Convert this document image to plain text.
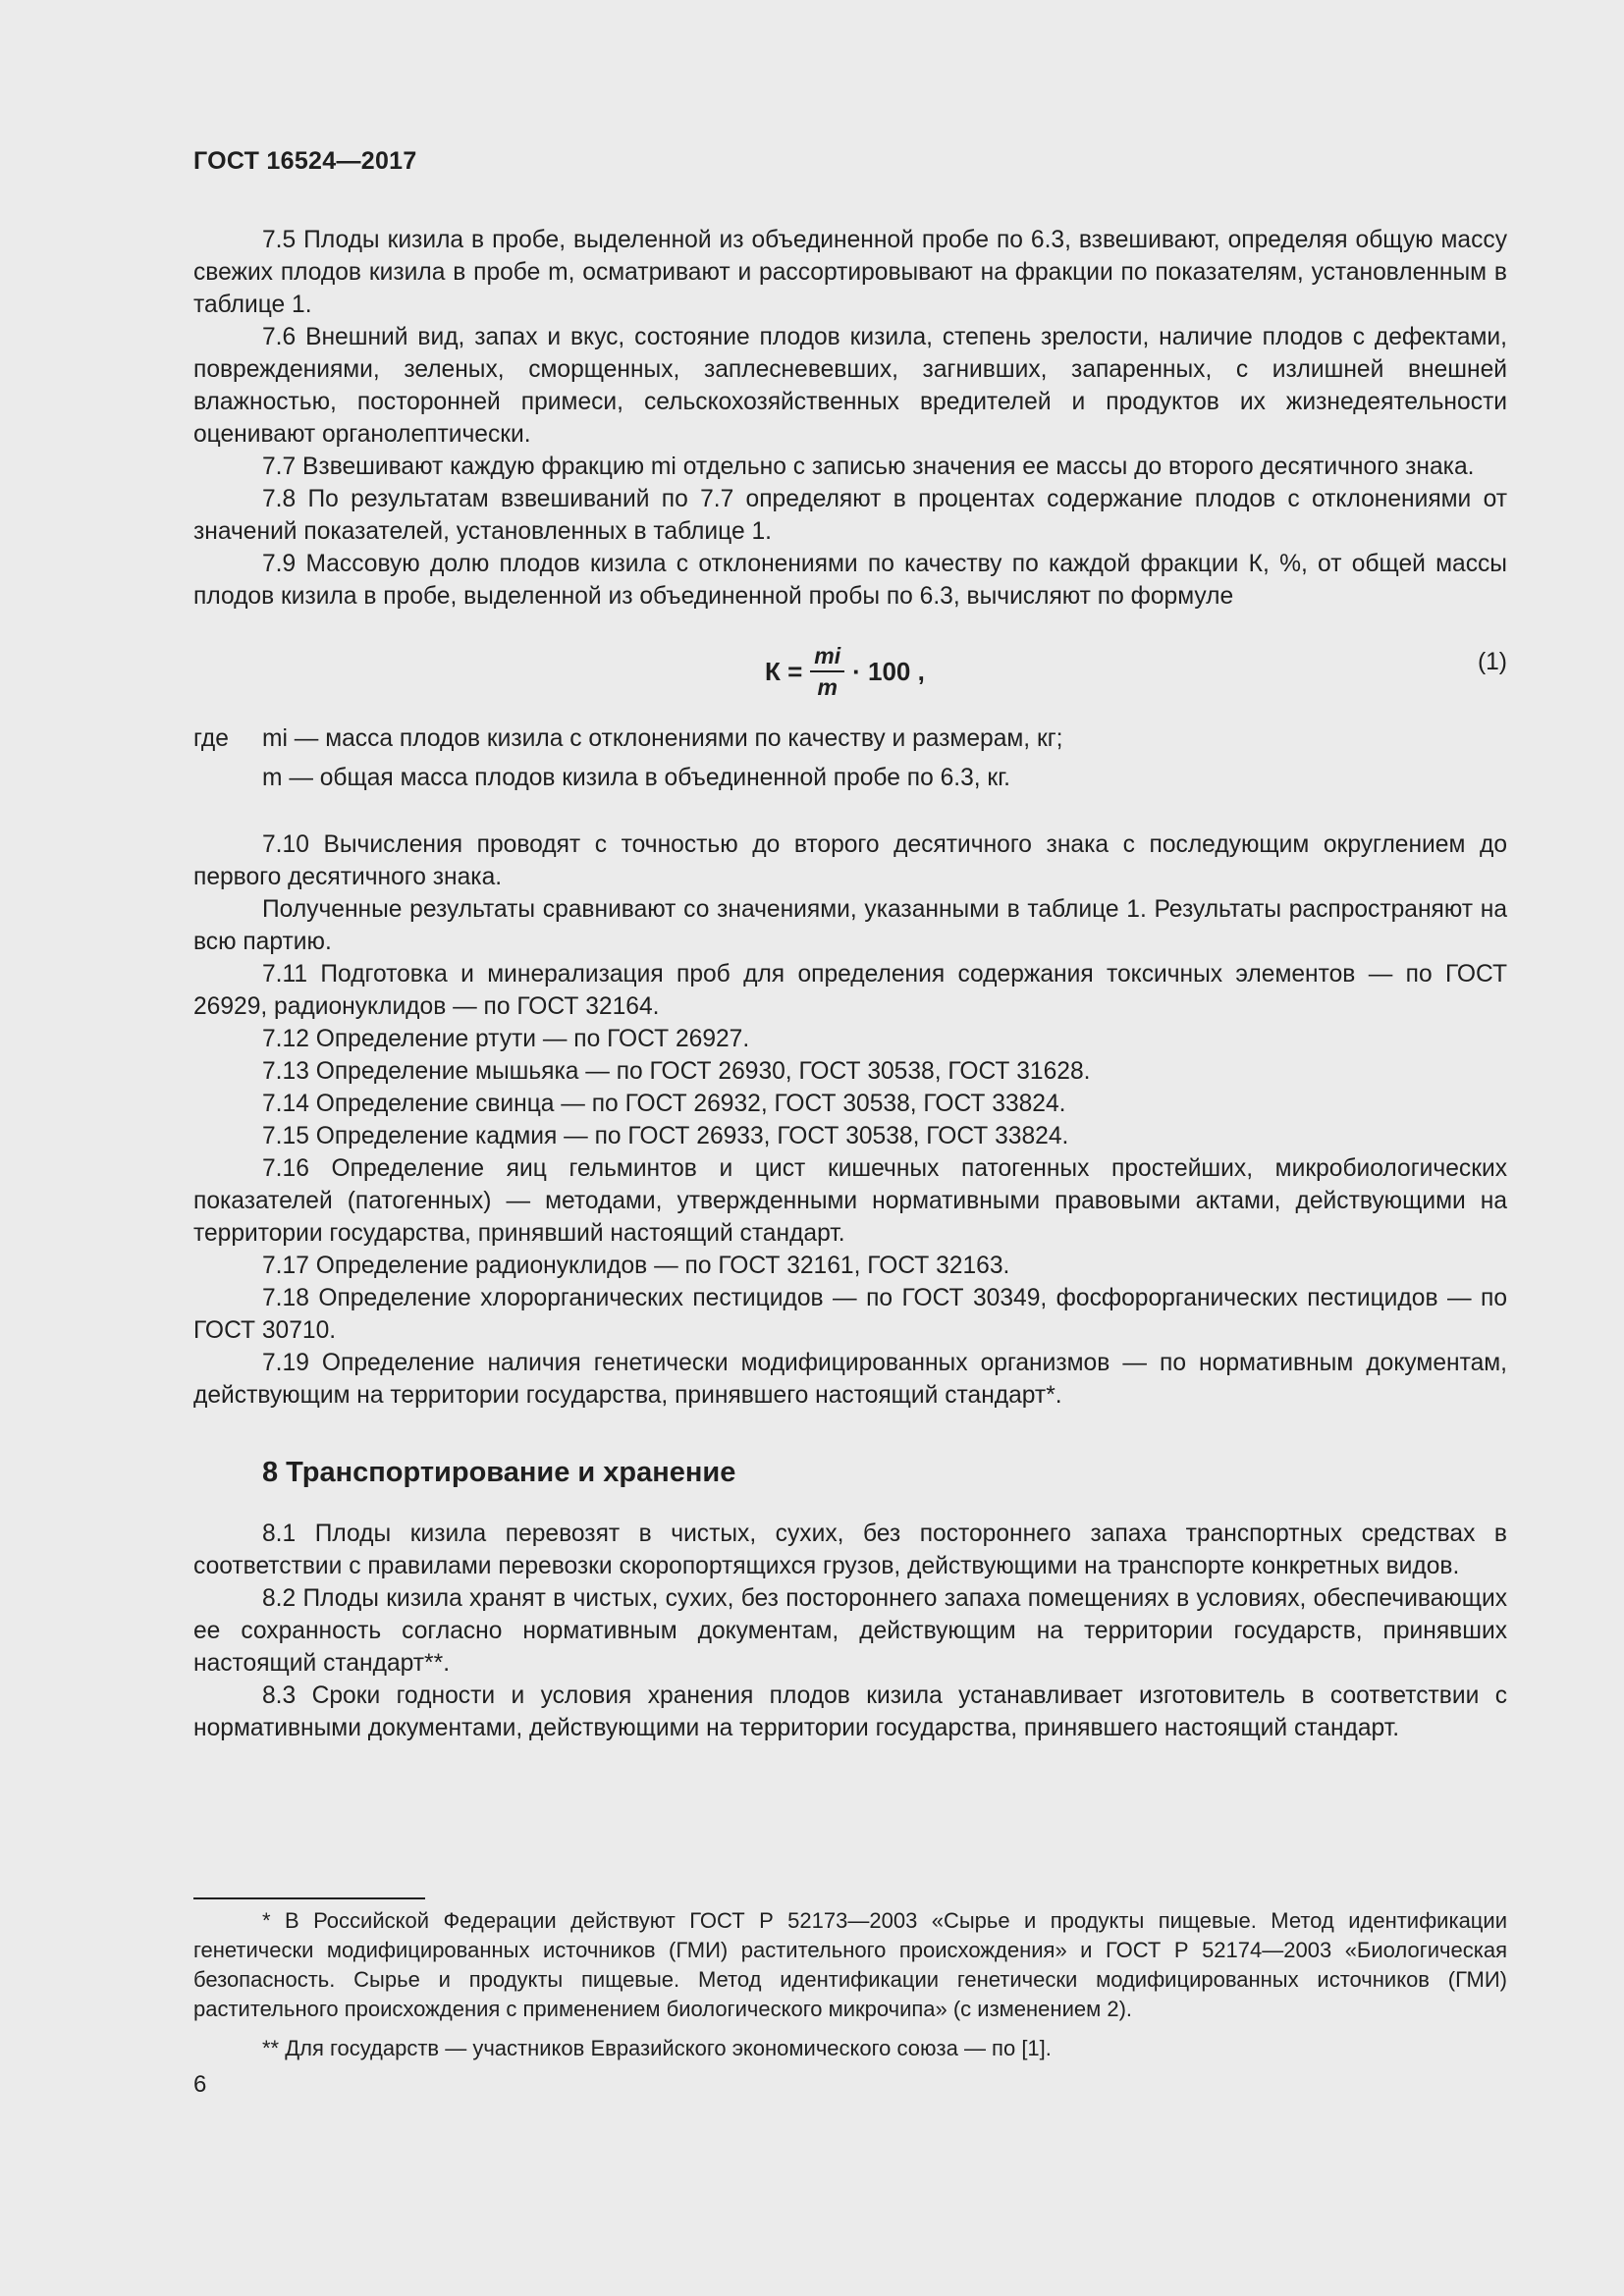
ГОСТ 16524—2017

7.5 Плоды кизила в пробе, выделенной из объединенной пробе по 6.3, взвешивают, определяя общую массу свежих плодов кизила в пробе m, осматривают и рассортировывают на фракции по показателям, установленным в таблице 1.

7.6 Внешний вид, запах и вкус, состояние плодов кизила, степень зрелости, наличие плодов с дефектами, повреждениями, зеленых, сморщенных, заплесневевших, загнивших, запаренных, с излишней внешней влажностью, посторонней примеси, сельскохозяйственных вредителей и продуктов их жизнедеятельности оценивают органолептически.

7.7 Взвешивают каждую фракцию mi отдельно с записью значения ее массы до второго десятичного знака.

7.8 По результатам взвешиваний по 7.7 определяют в процентах содержание плодов с отклонениями от значений показателей, установленных в таблице 1.

7.9 Массовую долю плодов кизила с отклонениями по качеству по каждой фракции К, %, от общей массы плодов кизила в пробе, выделенной из объединенной пробы по 6.3, вычисляют по формуле

$К = \frac{mi}{m} \cdot 100$ ,	(1)
где mi — масса плодов кизила с отклонениями по качеству и размерам, кг;
m — общая масса плодов кизила в объединенной пробе по 6.3, кг.

7.10 Вычисления проводят с точностью до второго десятичного знака с последующим округлением до первого десятичного знака.

Полученные результаты сравнивают со значениями, указанными в таблице 1. Результаты распространяют на всю партию.

7.11 Подготовка и минерализация проб для определения содержания токсичных элементов — по ГОСТ 26929, радионуклидов — по ГОСТ 32164.

7.12 Определение ртути — по ГОСТ 26927.

7.13 Определение мышьяка — по ГОСТ 26930, ГОСТ 30538, ГОСТ 31628.

7.14 Определение свинца — по ГОСТ 26932, ГОСТ 30538, ГОСТ 33824.

7.15 Определение кадмия — по ГОСТ 26933, ГОСТ 30538, ГОСТ 33824.

7.16 Определение яиц гельминтов и цист кишечных патогенных простейших, микробиологических показателей (патогенных) — методами, утвержденными нормативными правовыми актами, действующими на территории государства, принявший настоящий стандарт.

7.17 Определение радионуклидов — по ГОСТ 32161, ГОСТ 32163.

7.18 Определение хлорорганических пестицидов — по ГОСТ 30349, фосфорорганических пестицидов — по ГОСТ 30710.

7.19 Определение наличия генетически модифицированных организмов — по нормативным документам, действующим на территории государства, принявшего настоящий стандарт*.

8 Транспортирование и хранение

8.1 Плоды кизила перевозят в чистых, сухих, без постороннего запаха транспортных средствах в соответствии с правилами перевозки скоропортящихся грузов, действующими на транспорте конкретных видов.

8.2 Плоды кизила хранят в чистых, сухих, без постороннего запаха помещениях в условиях, обеспечивающих ее сохранность согласно нормативным документам, действующим на территории государств, принявших настоящий стандарт**.

8.3 Сроки годности и условия хранения плодов кизила устанавливает изготовитель в соответствии с нормативными документами, действующими на территории государства, принявшего настоящий стандарт.

* В Российской Федерации действуют ГОСТ Р 52173—2003 «Сырье и продукты пищевые. Метод идентификации генетически модифицированных источников (ГМИ) растительного происхождения» и ГОСТ Р 52174—2003 «Биологическая безопасность. Сырье и продукты пищевые. Метод идентификации генетически модифицированных источников (ГМИ) растительного происхождения с применением биологического микрочипа» (с изменением 2).

** Для государств — участников Евразийского экономического союза — по [1].

6
